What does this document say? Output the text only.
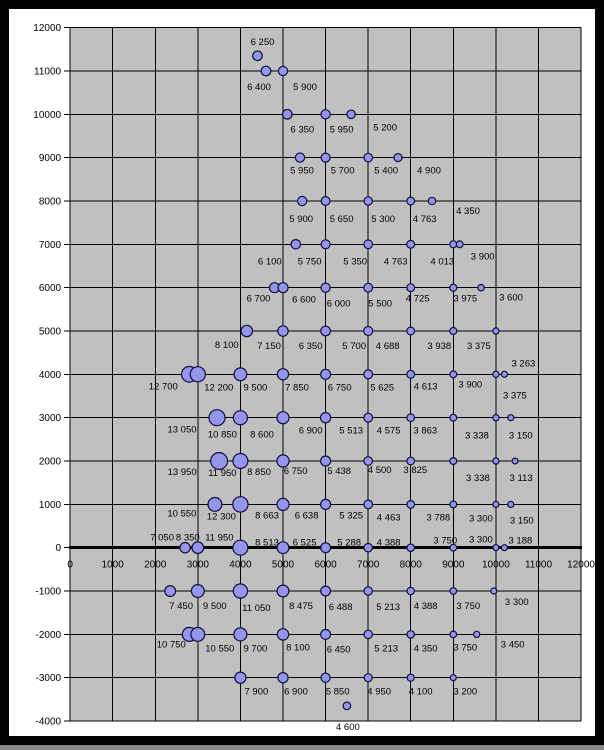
6 250
6 400 5 900
6 350 5 950 5 200
5 950 5 700 5 400 4 900
5 900 5 650 5 300 4 763
4 350
6 100 5 750 5 350 4 763 4 013 3 900
6 700 6 600 6 000 5 500 4 725	3 975 3 600
8 100 7 150 6 350 5 700 4 688	3 938 3 375
12 700	12 200 9 500 7 850 6 750 5 625 4 613 3 900
3 375
3 263
13 050 10 850 8 600	6 900 5 513 4 575 3 863	3 338 3 150
13 950 11 950 8 850 6 750 5 438 4 500 3 825
3 338 3 113
10 550 12 300 8 663 6 638 5 325 4 463	3 788 3 300 3 150
7 050 8 350 11 950 8 513 6 525 5 288 4 388	3 750 3 300 3 188
7 450 9 500 11 050 8 475 6 488	5 213 4 388 3 750	3 300
10 750 10 550 9 700 8 100 6 450	5 213 4 350 3 750 3 450
7 900 6 900 5 850 4 950 4 100 3 200
4 600
0	1000 2000 3000 4000 5000 6000 7000 8000 9000 10000 11000 12000
-4000
-3000
-2000
-1000
0
1000
2000
3000
4000
5000
6000
7000
8000
9000
10000
11000
12000
